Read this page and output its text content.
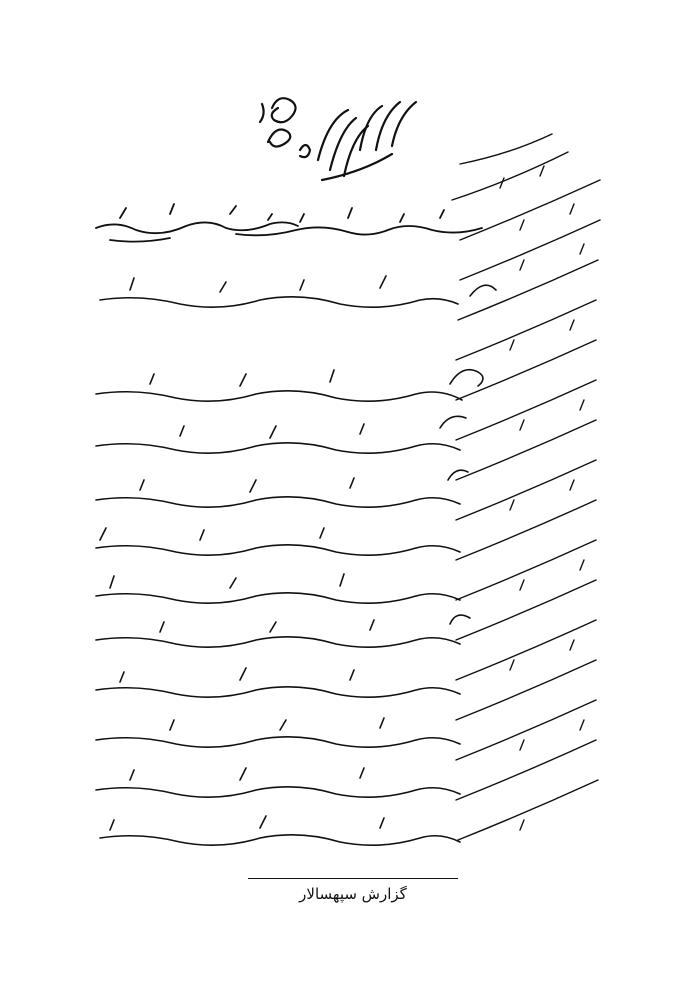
گزارش سپهسالار
